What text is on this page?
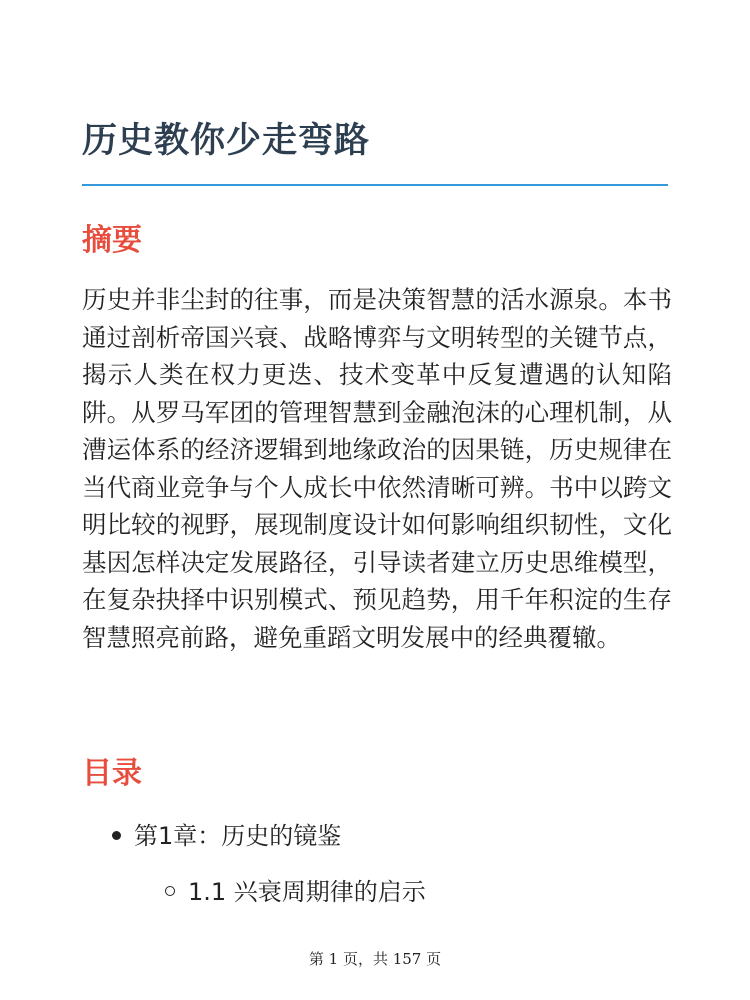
历史教你少走弯路
摘要

历史并非尘封的往事，而是决策智慧的活水源泉。本书通过剖析帝国兴衰、战略博弈与文明转型的关键节点，揭示人类在权力更迭、技术变革中反复遭遇的认知陷阱。从罗马军团的管理智慧到金融泡沫的心理机制，从漕运体系的经济逻辑到地缘政治的因果链，历史规律在当代商业竞争与个人成长中依然清晰可辨。书中以跨文明比较的视野，展现制度设计如何影响组织韧性，文化基因怎样决定发展路径，引导读者建立历史思维模型，在复杂抉择中识别模式、预见趋势，用千年积淀的生存智慧照亮前路，避免重蹈文明发展中的经典覆辙。

目录
第1章：历史的镜鉴
1.1 兴衰周期律的启示
第 1 页，共 157 页
